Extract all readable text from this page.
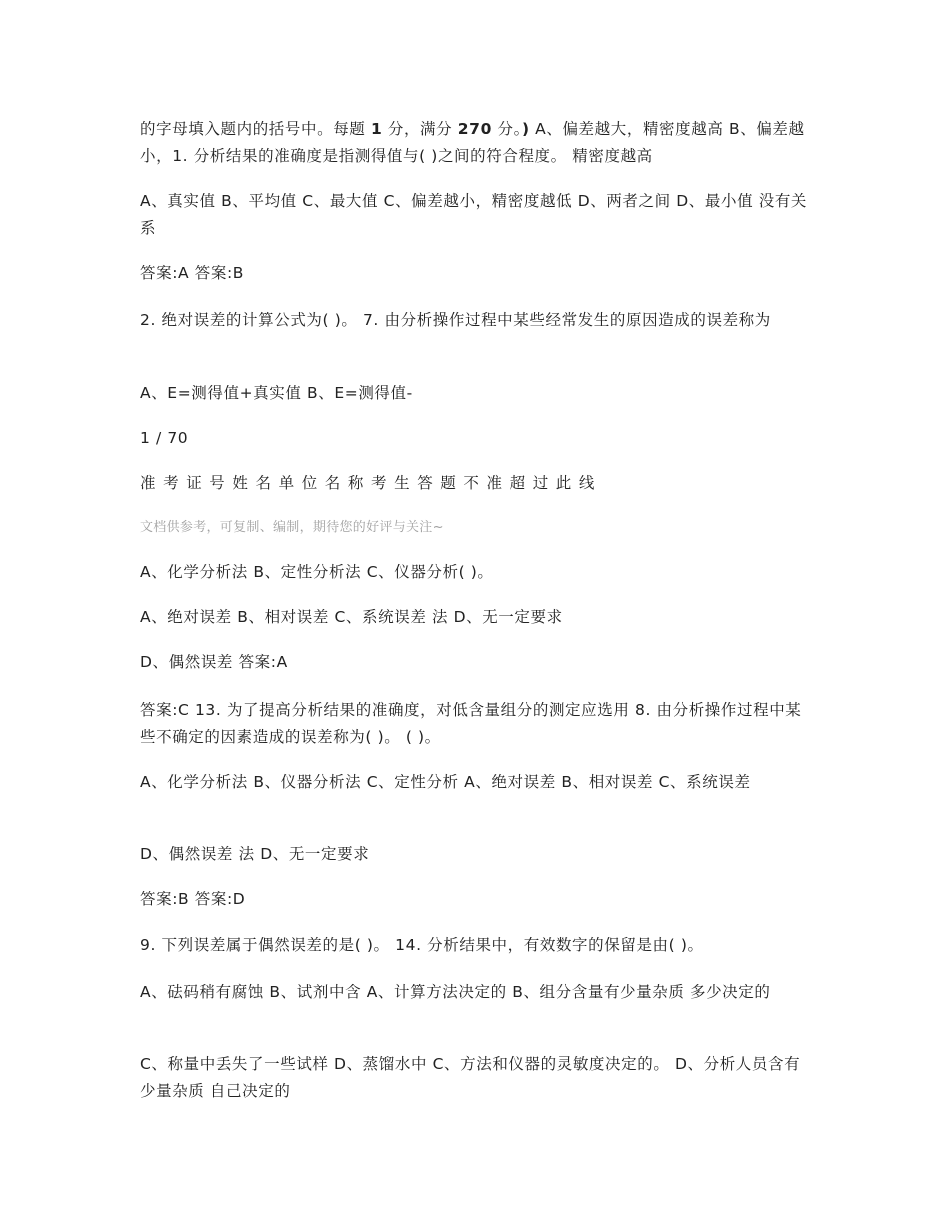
的字母填入题内的括号中。每题 1 分，满分 270 分。) A、偏差越大，精密度越高 B、偏差越小，1. 分析结果的准确度是指测得值与( )之间的符合程度。 精密度越高

A、真实值 B、平均值 C、最大值 C、偏差越小，精密度越低 D、两者之间 D、最小值 没有关系

答案:A 答案:B

2. 绝对误差的计算公式为( )。 7. 由分析操作过程中某些经常发生的原因造成的误差称为

A、E=测得值+真实值 B、E=测得值-

1 / 70

准考证号姓名单位名称考生答题不准超过此线

文档供参考，可复制、编制，期待您的好评与关注~

A、化学分析法 B、定性分析法 C、仪器分析( )。

A、绝对误差 B、相对误差 C、系统误差 法 D、无一定要求

D、偶然误差 答案:A

答案:C 13. 为了提高分析结果的准确度，对低含量组分的测定应选用 8. 由分析操作过程中某些不确定的因素造成的误差称为( )。 ( )。

A、化学分析法 B、仪器分析法 C、定性分析 A、绝对误差 B、相对误差 C、系统误差

D、偶然误差 法 D、无一定要求

答案:B 答案:D

9. 下列误差属于偶然误差的是( )。 14. 分析结果中，有效数字的保留是由( )。

A、砝码稍有腐蚀 B、试剂中含 A、计算方法决定的 B、组分含量有少量杂质 多少决定的

C、称量中丢失了一些试样 D、蒸馏水中 C、方法和仪器的灵敏度决定的。 D、分析人员含有少量杂质 自己决定的
